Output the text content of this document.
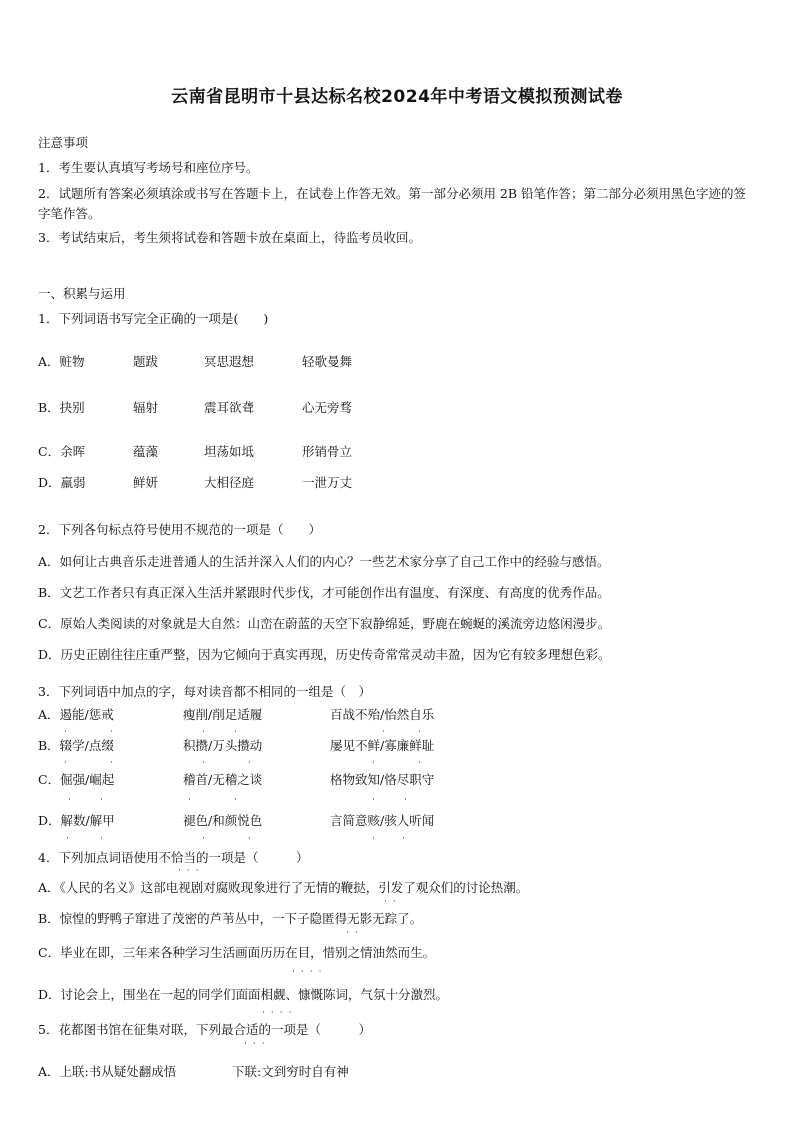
云南省昆明市十县达标名校2024年中考语文模拟预测试卷
注意事项
1．考生要认真填写考场号和座位序号。
2．试题所有答案必须填涂或书写在答题卡上，在试卷上作答无效。第一部分必须用 2B 铅笔作答；第二部分必须用黑色字迹的签字笔作答。
3．考试结束后，考生须将试卷和答题卡放在桌面上，待监考员收回。
一、积累与运用
1．下列词语书写完全正确的一项是(　　)
A．赃物	题跋	冥思遐想	轻歌曼舞
B．抉别	辐射	震耳欲聋	心无旁骛
C．余晖	蕴藻	坦荡如坻	形销骨立
D．羸弱	鲜妍	大相径庭	一泄万丈
2．下列各句标点符号使用不规范的一项是（　　）
A．如何让古典音乐走进普通人的生活并深入人们的内心？一些艺术家分享了自己工作中的经验与感悟。
B．文艺工作者只有真正深入生活并紧跟时代步伐，才可能创作出有温度、有深度、有高度的优秀作品。
C．原始人类阅读的对象就是大自然：山峦在蔚蓝的天空下寂静绵延，野鹿在蜿蜒的溪流旁边悠闲漫步。
D．历史正剧往往庄重严整，因为它倾向于真实再现，历史传奇常常灵动丰盈，因为它有较多理想色彩。
3．下列词语中加点的字，每对读音都不相同的一组是（　）
A．遏能/惩戒	瘦削/削足适履	百战不殆/怡然自乐
·	·	·	·	·	·
B．辍学/点缀	积攒/万头攒动	屡见不鲜/寡廉鲜耻
·	·	·	·	·	·
C．倔强/崛起	稽首/无稽之谈	格物致知/恪尽职守
·	·	·	·	·	·
D．解数/解甲	褪色/和颜悦色	言简意赅/骇人听闻
·	·	·	·	· ·
4．下列加点词语使用不恰当的一项是（　　　）
···
A．《人民的名义》这部电视剧对腐败现象进行了无情的鞭挞，引发了观众们的讨论热潮。
··
B．惊惶的野鸭子窜进了茂密的芦苇丛中，一下子隐匿得无影无踪了。
··
C．毕业在即，三年来各种学习生活画面历历在目，惜别之情油然而生。
····
D．讨论会上，围坐在一起的同学们面面相觑、慷慨陈词，气氛十分激烈。
····
5．花都图书馆在征集对联，下列最合适的一项是（　　　）
···
A．上联:书从疑处翻成悟	下联:文到穷时自有神
